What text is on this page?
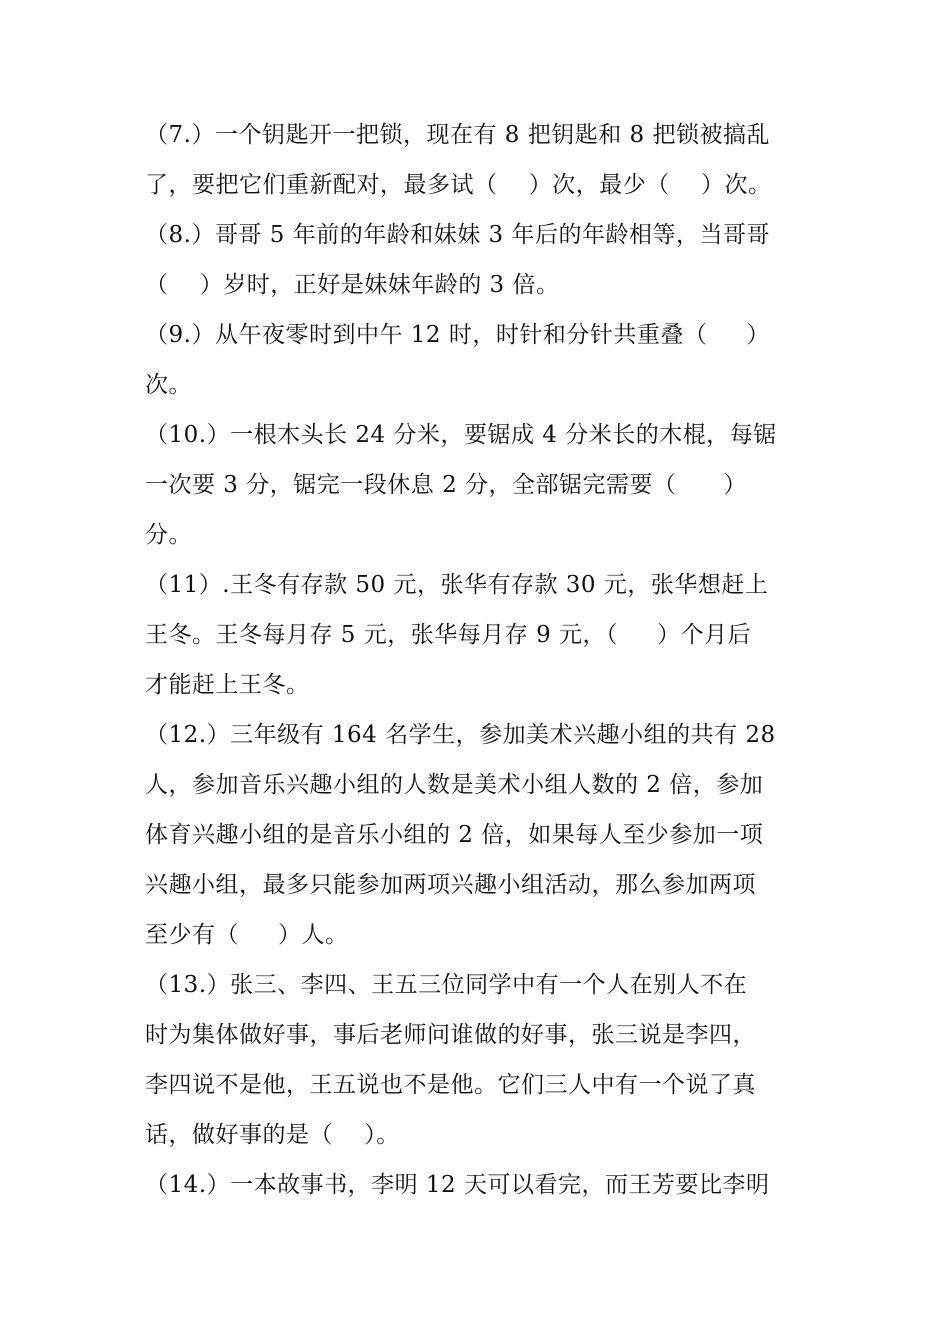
（7.）一个钥匙开一把锁，现在有 8 把钥匙和 8 把锁被搞乱
了，要把它们重新配对，最多试（    ）次，最少（    ）次。
（8.）哥哥 5 年前的年龄和妹妹 3 年后的年龄相等，当哥哥
（    ）岁时，正好是妹妹年龄的 3 倍。
（9.）从午夜零时到中午 12 时，时针和分针共重叠（     ）
次。
（10.）一根木头长 24 分米，要锯成 4 分米长的木棍，每锯
一次要 3 分，锯完一段休息 2 分，全部锯完需要（      ）
分。
（11）.王冬有存款 50 元，张华有存款 30 元，张华想赶上
王冬。王冬每月存 5 元，张华每月存 9 元，（     ）个月后
才能赶上王冬。
（12.）三年级有 164 名学生，参加美术兴趣小组的共有 28
人，参加音乐兴趣小组的人数是美术小组人数的 2 倍，参加
体育兴趣小组的是音乐小组的 2 倍，如果每人至少参加一项
兴趣小组，最多只能参加两项兴趣小组活动，那么参加两项
至少有（     ）人。
（13.）张三、李四、王五三位同学中有一个人在别人不在
时为集体做好事，事后老师问谁做的好事，张三说是李四，
李四说不是他，王五说也不是他。它们三人中有一个说了真
话，做好事的是（    ）。
（14.）一本故事书，李明 12 天可以看完，而王芳要比李明
